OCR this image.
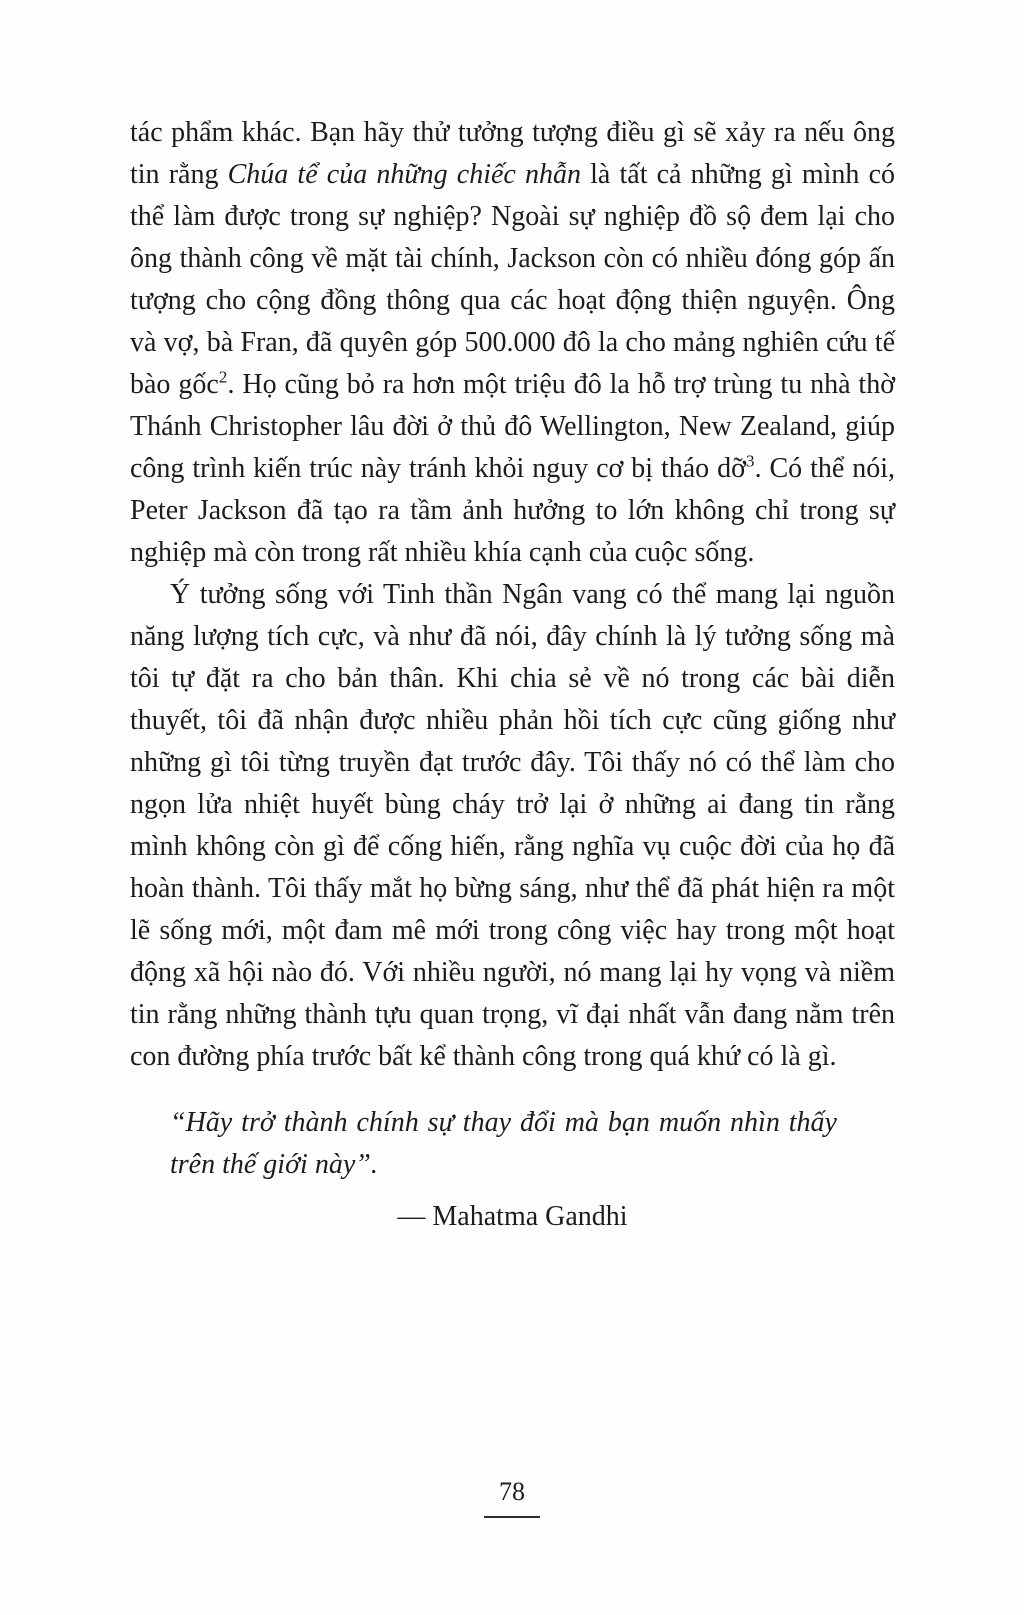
tác phẩm khác. Bạn hãy thử tưởng tượng điều gì sẽ xảy ra nếu ông tin rằng Chúa tể của những chiếc nhẫn là tất cả những gì mình có thể làm được trong sự nghiệp? Ngoài sự nghiệp đồ sộ đem lại cho ông thành công về mặt tài chính, Jackson còn có nhiều đóng góp ấn tượng cho cộng đồng thông qua các hoạt động thiện nguyện. Ông và vợ, bà Fran, đã quyên góp 500.000 đô la cho mảng nghiên cứu tế bào gốc$^2$. Họ cũng bỏ ra hơn một triệu đô la hỗ trợ trùng tu nhà thờ Thánh Christopher lâu đời ở thủ đô Wellington, New Zealand, giúp công trình kiến trúc này tránh khỏi nguy cơ bị tháo dỡ$^3$. Có thể nói, Peter Jackson đã tạo ra tầm ảnh hưởng to lớn không chỉ trong sự nghiệp mà còn trong rất nhiều khía cạnh của cuộc sống.

Ý tưởng sống với Tinh thần Ngân vang có thể mang lại nguồn năng lượng tích cực, và như đã nói, đây chính là lý tưởng sống mà tôi tự đặt ra cho bản thân. Khi chia sẻ về nó trong các bài diễn thuyết, tôi đã nhận được nhiều phản hồi tích cực cũng giống như những gì tôi từng truyền đạt trước đây. Tôi thấy nó có thể làm cho ngọn lửa nhiệt huyết bùng cháy trở lại ở những ai đang tin rằng mình không còn gì để cống hiến, rằng nghĩa vụ cuộc đời của họ đã hoàn thành. Tôi thấy mắt họ bừng sáng, như thể đã phát hiện ra một lẽ sống mới, một đam mê mới trong công việc hay trong một hoạt động xã hội nào đó. Với nhiều người, nó mang lại hy vọng và niềm tin rằng những thành tựu quan trọng, vĩ đại nhất vẫn đang nằm trên con đường phía trước bất kể thành công trong quá khứ có là gì.

“Hãy trở thành chính sự thay đổi mà bạn muốn nhìn thấy trên thế giới này”.

— Mahatma Gandhi

78
